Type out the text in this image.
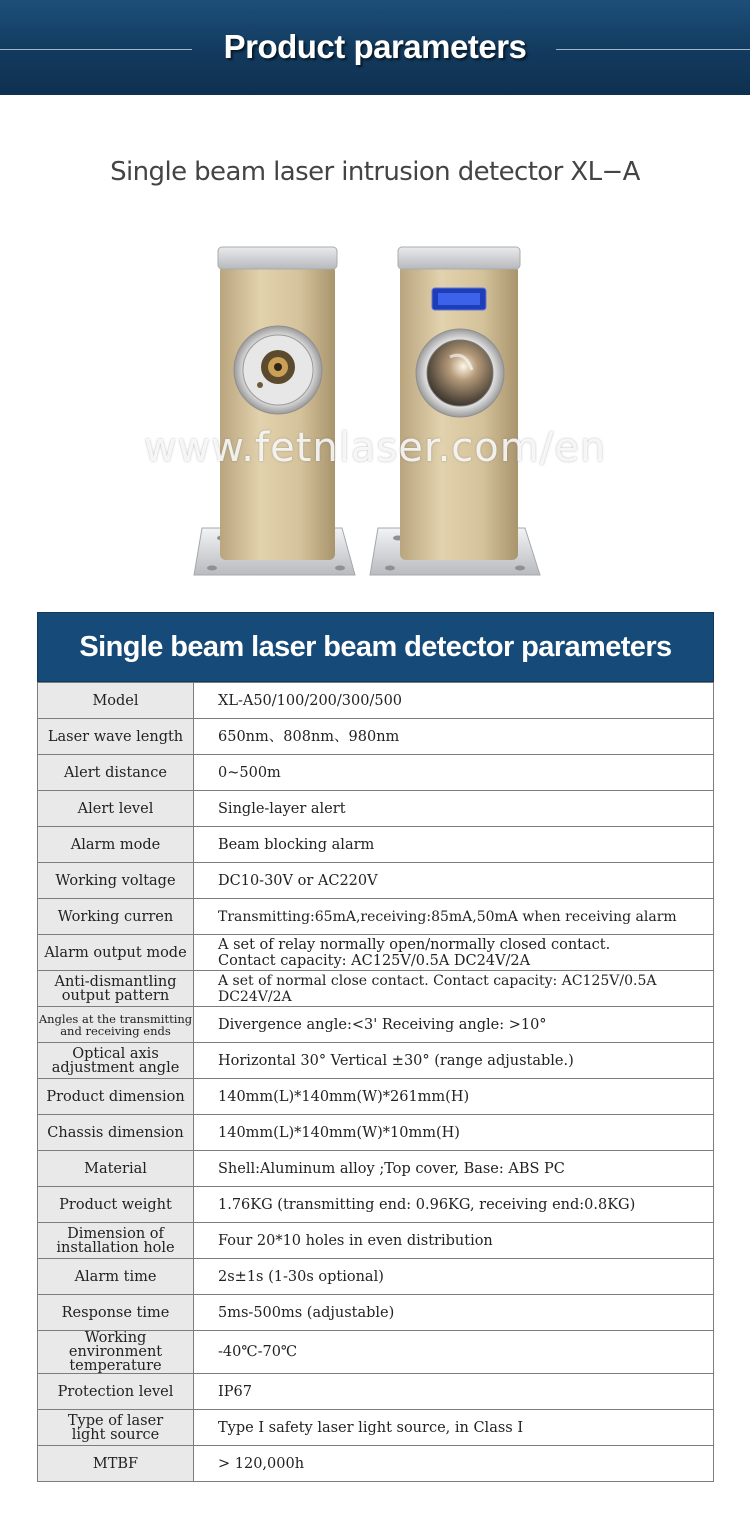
Product parameters
Single beam laser intrusion detector XL−A
www.fetnlaser.com/en
Single beam laser beam detector parameters
Model	XL-A50/100/200/300/500

Laser wave length	650nm、808nm、980nm

Alert distance	0~500m

Alert level	Single-layer alert

Alarm mode	Beam blocking alarm

Working voltage	DC10-30V or AC220V

Working curren	Transmitting:65mA,receiving:85mA,50mA when receiving alarm

Alarm output mode	A set of relay normally open/normally closed contact.
Contact capacity: AC125V/0.5A DC24V/2A

Anti-dismantling
output pattern	A set of normal close contact. Contact capacity: AC125V/0.5A DC24V/2A

Angles at the transmitting
and receiving ends	Divergence angle:<3' Receiving angle: >10°

Optical axis
adjustment angle	Horizontal 30° Vertical ±30° (range adjustable.)

Product dimension	140mm(L)*140mm(W)*261mm(H)

Chassis dimension	140mm(L)*140mm(W)*10mm(H)

Material	Shell:Aluminum alloy ;Top cover, Base: ABS PC

Product weight	1.76KG (transmitting end: 0.96KG, receiving end:0.8KG)

Dimension of
installation hole	Four 20*10 holes in even distribution

Alarm time	2s±1s (1-30s optional)

Response time	5ms-500ms (adjustable)

Working environment
temperature	-40℃-70℃

Protection level	IP67

Type of laser
light source	Type I safety laser light source, in Class I

MTBF	> 120,000h
